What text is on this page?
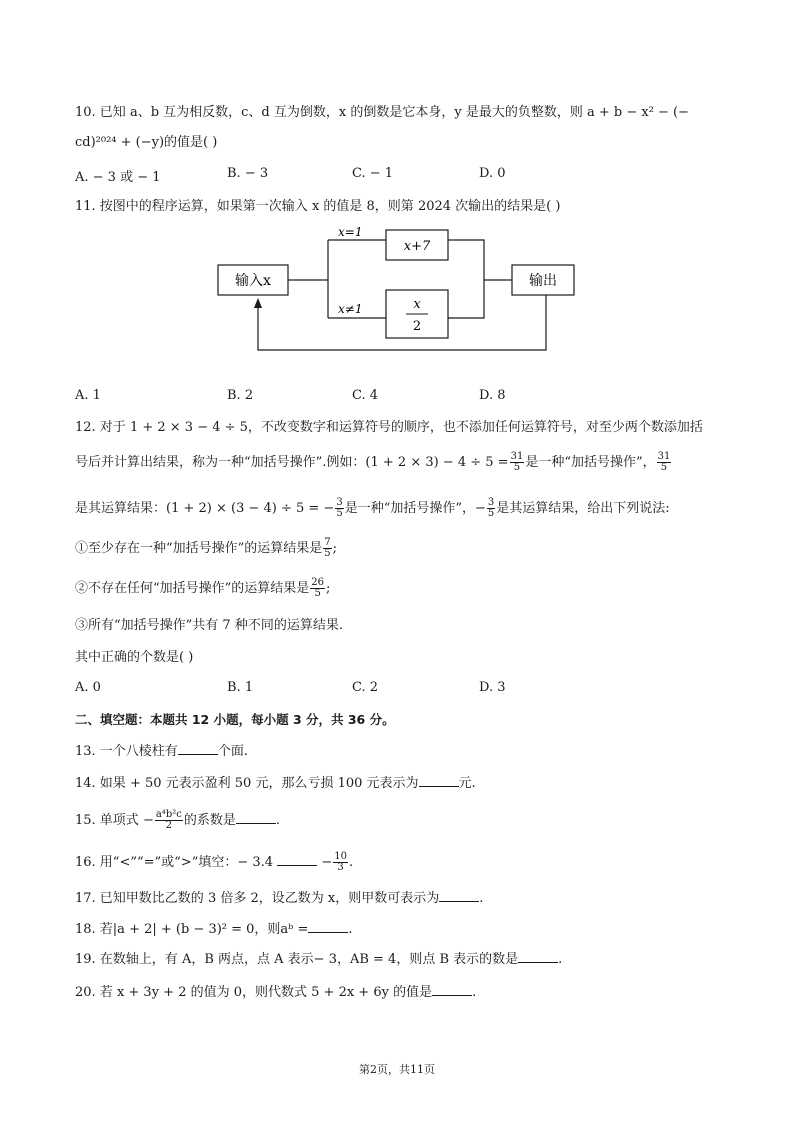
10. 已知 a、b 互为相反数，c、d 互为倒数，x 的倒数是它本身，y 是最大的负整数，则 a + b − x² − (−
cd)²⁰²⁴ + (−y)的值是( )
A. − 3 或 − 1	B. − 3	C. − 1	D. 0
11. 按图中的程序运算，如果第一次输入 x 的值是 8，则第 2024 次输出的结果是( )
输入x	输出
x=1
x≠1
x+7
x
2
A. 1	B. 2	C. 4	D. 8
12. 对于 1 + 2 × 3 − 4 ÷ 5，不改变数字和运算符号的顺序，也不添加任何运算符号，对至少两个数添加括
号后并计算出结果，称为一种“加括号操作”.例如：$(1 + 2 \times 3) - 4 \div 5 = \frac{31}{5}$ 是一种“加括号操作”， $\frac{31}{5}$
是其运算结果：(1 + 2) × (3 − 4) ÷ 5 = − $\frac{3}{5}$ 是一种“加括号操作”，− $\frac{3}{5}$ 是其运算结果，给出下列说法:
①至少存在一种“加括号操作”的运算结果是 $\frac{7}{5}$ ;
②不存在任何“加括号操作”的运算结果是 $\frac{26}{5}$ ;
③所有“加括号操作”共有 7 种不同的运算结果.
其中正确的个数是( )
A. 0	B. 1	C. 2	D. 3
二、填空题：本题共 12 小题，每小题 3 分，共 36 分。
13. 一个八棱柱有	个面.
14. 如果 + 50 元表示盈利 50 元，那么亏损 100 元表示为	元.
15. 单项式 − $\frac{\text{a⁴b²c}}{2}$ 的系数是	.
16. 用“<”“=”或“>”填空：− 3.4	− $\frac{10}{3}$ .
17. 已知甲数比乙数的 3 倍多 2，设乙数为 x，则甲数可表示为	.
18. 若|a + 2| + (b − 3)² = 0，则aᵇ =	.
19. 在数轴上，有 A，B 两点，点 A 表示− 3，AB = 4，则点 B 表示的数是	.
20. 若 x + 3y + 2 的值为 0，则代数式 5 + 2x + 6y 的值是	.
第2页，共11页
